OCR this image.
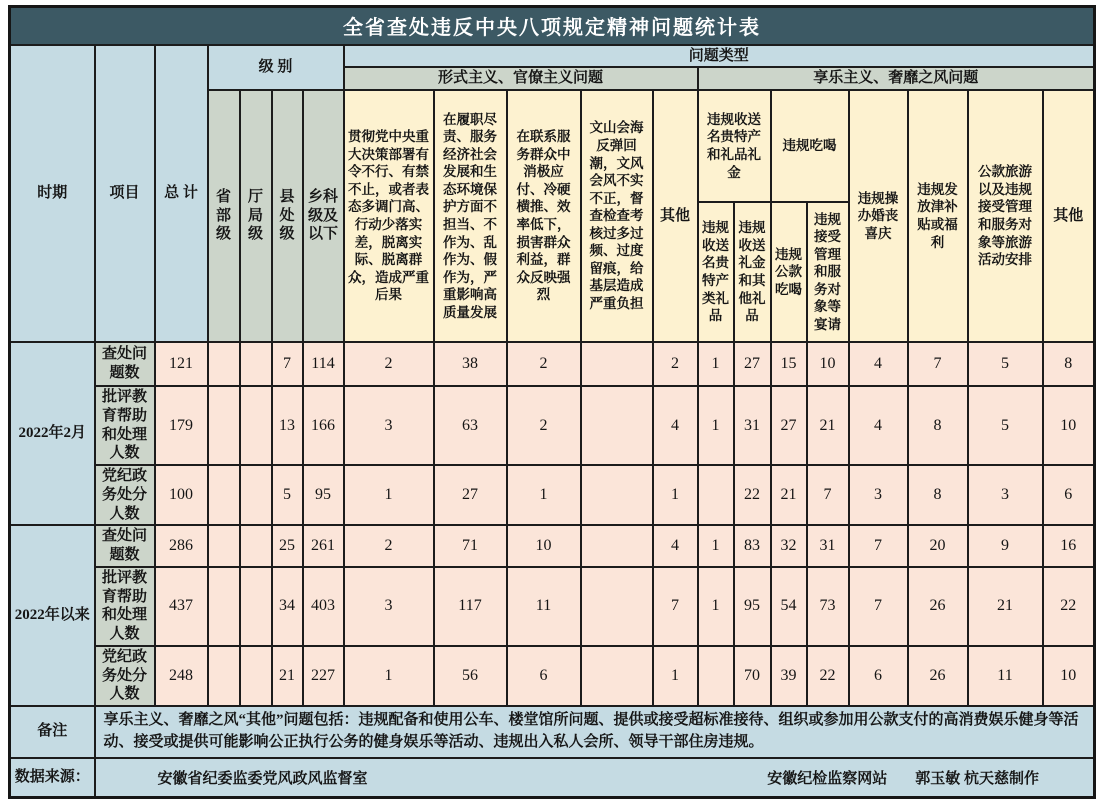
全省查处违反中央八项规定精神问题统计表																			
时期	项目	总 计	级 别				问题类型												
							形式主义、官僚主义问题					享乐主义、奢靡之风问题							
			省部级	厅局级	县处级	乡科级及以下	贯彻党中央重大决策部署有令不行、有禁不止，或者表态多调门高、行动少落实差，脱离实际、脱离群众，造成严重后果	在履职尽责、服务经济社会发展和生态环境保护方面不担当、不作为、乱作为、假作为，严重影响高质量发展	在联系服务群众中消极应付、冷硬横推、效率低下，损害群众利益，群众反映强烈	文山会海反弹回潮，文风会风不实不正，督查检查考核过多过频、过度留痕，给基层造成严重负担	其他	违规收送名贵特产和礼品礼金		违规吃喝		违规操办婚丧喜庆	违规发放津补贴或福利	公款旅游以及违规接受管理和服务对象等旅游活动安排	其他
												违规收送名贵特产类礼品	违规收送礼金和其他礼品	违规公款吃喝	违规接受管理和服务对象等宴请				
2022年2月	查处问题数	121			7	114	2	38	2		2	1	27	15	10	4	7	5	8
	批评教育帮助和处理人数	179			13	166	3	63	2		4	1	31	27	21	4	8	5	10
	党纪政务处分人数	100			5	95	1	27	1		1		22	21	7	3	8	3	6
2022年以来	查处问题数	286			25	261	2	71	10		4	1	83	32	31	7	20	9	16
	批评教育帮助和处理人数	437			34	403	3	117	11		7	1	95	54	73	7	26	21	22
	党纪政务处分人数	248			21	227	1	56	6		1		70	39	22	6	26	11	10
备注	享乐主义、奢靡之风“其他”问题包括：违规配备和使用公车、楼堂馆所问题、提供或接受超标准接待、组织或参加用公款支付的高消费娱乐健身等活动、接受或提供可能影响公正执行公务的健身娱乐等活动、违规出入私人会所、领导干部住房违规。																		
数据来源：	安徽省纪委监委党风政风监督室 安徽纪检监察网站 郭玉敏 杭天慈制作																		
